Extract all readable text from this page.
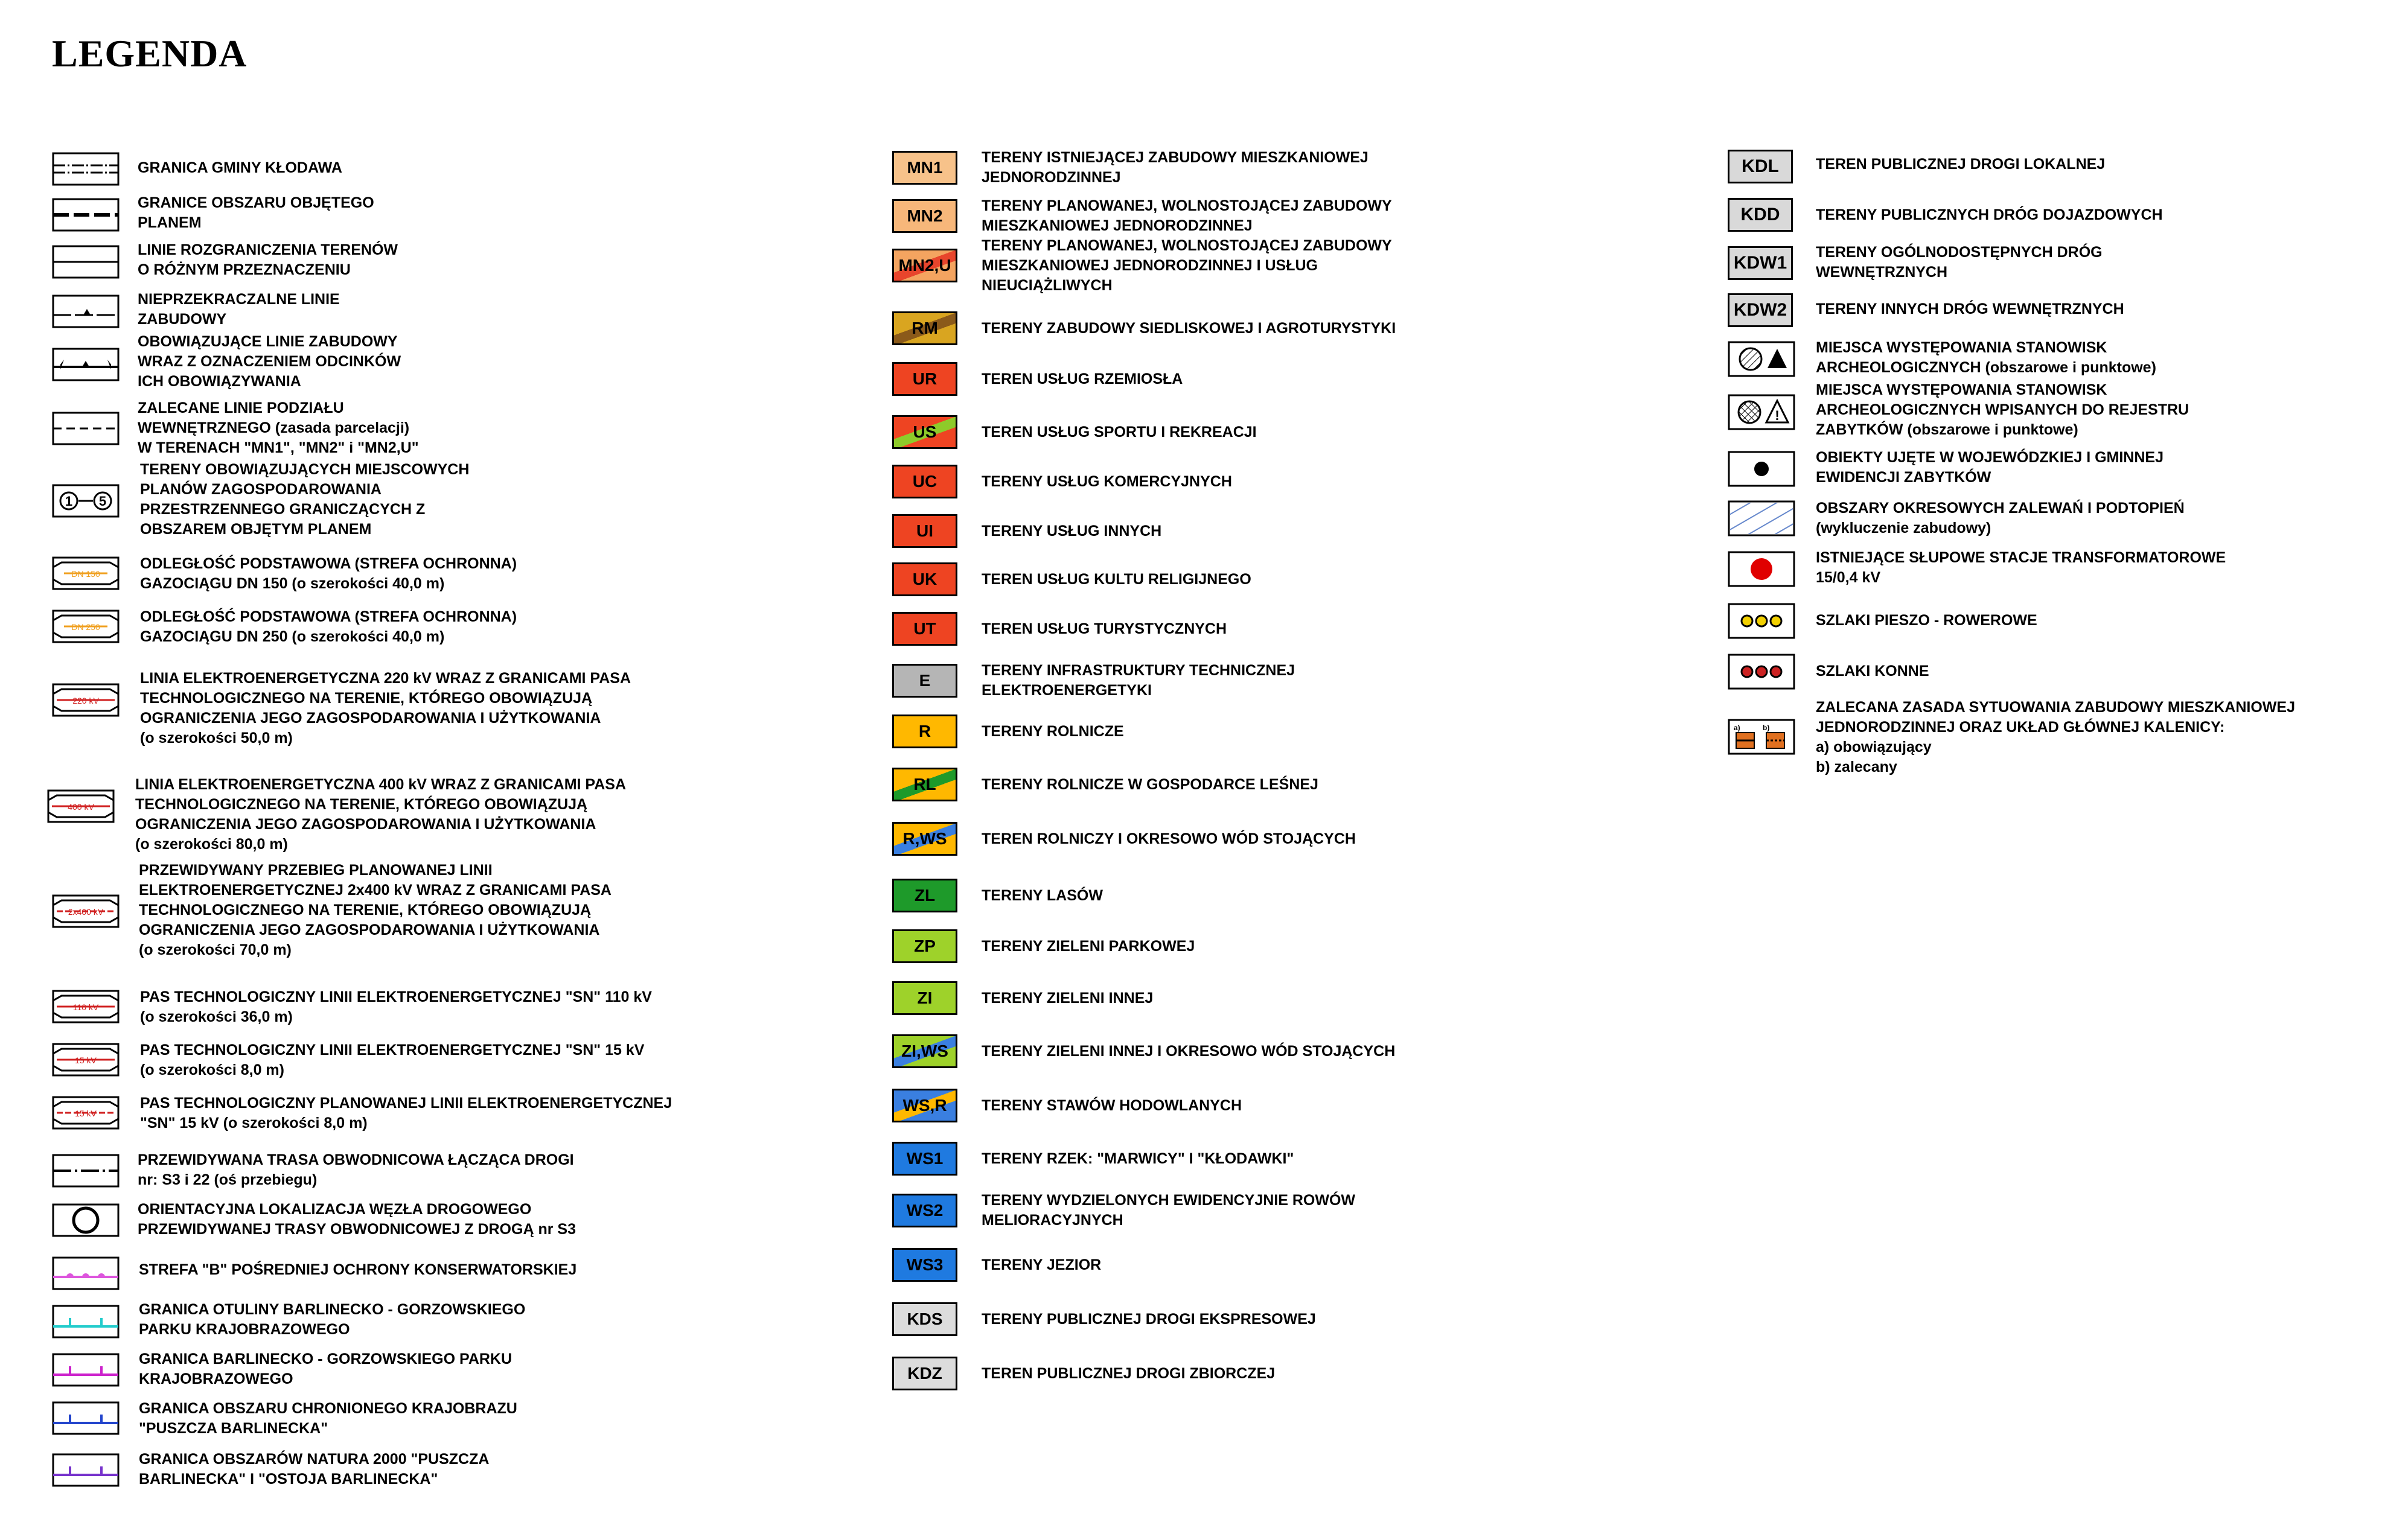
LEGENDA
GRANICA GMINY KŁODAWA
GRANICE OBSZARU OBJĘTEGO
PLANEM
LINIE ROZGRANICZENIA TERENÓW
O RÓŻNYM PRZEZNACZENIU
NIEPRZEKRACZALNE LINIE
ZABUDOWY
OBOWIĄZUJĄCE LINIE ZABUDOWY
WRAZ Z OZNACZENIEM ODCINKÓW
ICH OBOWIĄZYWANIA
ZALECANE LINIE PODZIAŁU
WEWNĘTRZNEGO (zasada parcelacji)
W TERENACH "MN1", "MN2" i "MN2,U"
1 5
TERENY OBOWIĄZUJĄCYCH MIEJSCOWYCH
PLANÓW ZAGOSPODAROWANIA
PRZESTRZENNEGO GRANICZĄCYCH Z
OBSZAREM OBJĘTYM PLANEM
DN 150
ODLEGŁOŚĆ PODSTAWOWA (STREFA OCHRONNA)
GAZOCIĄGU DN 150 (o szerokości 40,0 m)
DN 250
ODLEGŁOŚĆ PODSTAWOWA (STREFA OCHRONNA)
GAZOCIĄGU DN 250 (o szerokości 40,0 m)
220 kV
LINIA ELEKTROENERGETYCZNA 220 kV WRAZ Z GRANICAMI PASA
TECHNOLOGICZNEGO NA TERENIE, KTÓREGO OBOWIĄZUJĄ
OGRANICZENIA JEGO ZAGOSPODAROWANIA I UŻYTKOWANIA
(o szerokości 50,0 m)
400 kV
LINIA ELEKTROENERGETYCZNA 400 kV WRAZ Z GRANICAMI PASA
TECHNOLOGICZNEGO NA TERENIE, KTÓREGO OBOWIĄZUJĄ
OGRANICZENIA JEGO ZAGOSPODAROWANIA I UŻYTKOWANIA
(o szerokości 80,0 m)
2x400 kV
PRZEWIDYWANY PRZEBIEG PLANOWANEJ LINII
ELEKTROENERGETYCZNEJ 2x400 kV WRAZ Z GRANICAMI PASA
TECHNOLOGICZNEGO NA TERENIE, KTÓREGO OBOWIĄZUJĄ
OGRANICZENIA JEGO ZAGOSPODAROWANIA I UŻYTKOWANIA
(o szerokości 70,0 m)
110 kV
PAS TECHNOLOGICZNY LINII ELEKTROENERGETYCZNEJ "SN" 110 kV
(o szerokości 36,0 m)
15 kV
PAS TECHNOLOGICZNY LINII ELEKTROENERGETYCZNEJ "SN" 15 kV
(o szerokości 8,0 m)
15 kV
PAS TECHNOLOGICZNY PLANOWANEJ LINII ELEKTROENERGETYCZNEJ
"SN" 15 kV (o szerokości 8,0 m)
PRZEWIDYWANA TRASA OBWODNICOWA ŁĄCZĄCA DROGI
nr: S3 i 22 (oś przebiegu)
ORIENTACYJNA LOKALIZACJA WĘZŁA DROGOWEGO
PRZEWIDYWANEJ TRASY OBWODNICOWEJ Z DROGĄ nr S3
STREFA "B" POŚREDNIEJ OCHRONY KONSERWATORSKIEJ
GRANICA OTULINY BARLINECKO - GORZOWSKIEGO
PARKU KRAJOBRAZOWEGO
GRANICA BARLINECKO - GORZOWSKIEGO PARKU
KRAJOBRAZOWEGO
GRANICA OBSZARU CHRONIONEGO KRAJOBRAZU
"PUSZCZA BARLINECKA"
GRANICA OBSZARÓW NATURA 2000 "PUSZCZA
BARLINECKA" I "OSTOJA BARLINECKA"
MN1
TERENY ISTNIEJĄCEJ ZABUDOWY MIESZKANIOWEJ
JEDNORODZINNEJ
MN2
TERENY PLANOWANEJ, WOLNOSTOJĄCEJ ZABUDOWY
MIESZKANIOWEJ JEDNORODZINNEJ
MN2,U
TERENY PLANOWANEJ, WOLNOSTOJĄCEJ ZABUDOWY
MIESZKANIOWEJ JEDNORODZINNEJ I USŁUG
NIEUCIĄŻLIWYCH
RM	TERENY ZABUDOWY SIEDLISKOWEJ I AGROTURYSTYKI
UR	TEREN USŁUG RZEMIOSŁA
US	TEREN USŁUG SPORTU I REKREACJI
UC	TERENY USŁUG KOMERCYJNYCH
UI	TERENY USŁUG INNYCH
UK	TEREN USŁUG KULTU RELIGIJNEGO
UT	TEREN USŁUG TURYSTYCZNYCH
E
TERENY INFRASTRUKTURY TECHNICZNEJ
ELEKTROENERGETYKI
R	TERENY ROLNICZE
RL	TERENY ROLNICZE W GOSPODARCE LEŚNEJ
R,WS TEREN ROLNICZY I OKRESOWO WÓD STOJĄCYCH
ZL	TERENY LASÓW
ZP	TERENY ZIELENI PARKOWEJ
ZI	TERENY ZIELENI INNEJ
ZI,WS TERENY ZIELENI INNEJ I OKRESOWO WÓD STOJĄCYCH
WS,R TERENY STAWÓW HODOWLANYCH
WS1	TERENY RZEK: "MARWICY" I "KŁODAWKI"
WS2
TERENY WYDZIELONYCH EWIDENCYJNIE ROWÓW
MELIORACYJNYCH
WS3	TERENY JEZIOR
KDS	TERENY PUBLICZNEJ DROGI EKSPRESOWEJ
KDZ	TEREN PUBLICZNEJ DROGI ZBIORCZEJ
KDL TEREN PUBLICZNEJ DROGI LOKALNEJ
KDD TERENY PUBLICZNYCH DRÓG DOJAZDOWYCH
KDW1
TERENY OGÓLNODOSTĘPNYCH DRÓG
WEWNĘTRZNYCH
KDW2 TERENY INNYCH DRÓG WEWNĘTRZNYCH
MIEJSCA WYSTĘPOWANIA STANOWISK
ARCHEOLOGICZNYCH (obszarowe i punktowe)
!
MIEJSCA WYSTĘPOWANIA STANOWISK
ARCHEOLOGICZNYCH WPISANYCH DO REJESTRU
ZABYTKÓW (obszarowe i punktowe)
OBIEKTY UJĘTE W WOJEWÓDZKIEJ I GMINNEJ
EWIDENCJI ZABYTKÓW
OBSZARY OKRESOWYCH ZALEWAŃ I PODTOPIEŃ
(wykluczenie zabudowy)
ISTNIEJĄCE SŁUPOWE STACJE TRANSFORMATOROWE
15/0,4 kV
SZLAKI PIESZO - ROWEROWE
SZLAKI KONNE
a)	b)
ZALECANA ZASADA SYTUOWANIA ZABUDOWY MIESZKANIOWEJ
JEDNORODZINNEJ ORAZ UKŁAD GŁÓWNEJ KALENICY:
a) obowiązujący
b) zalecany
